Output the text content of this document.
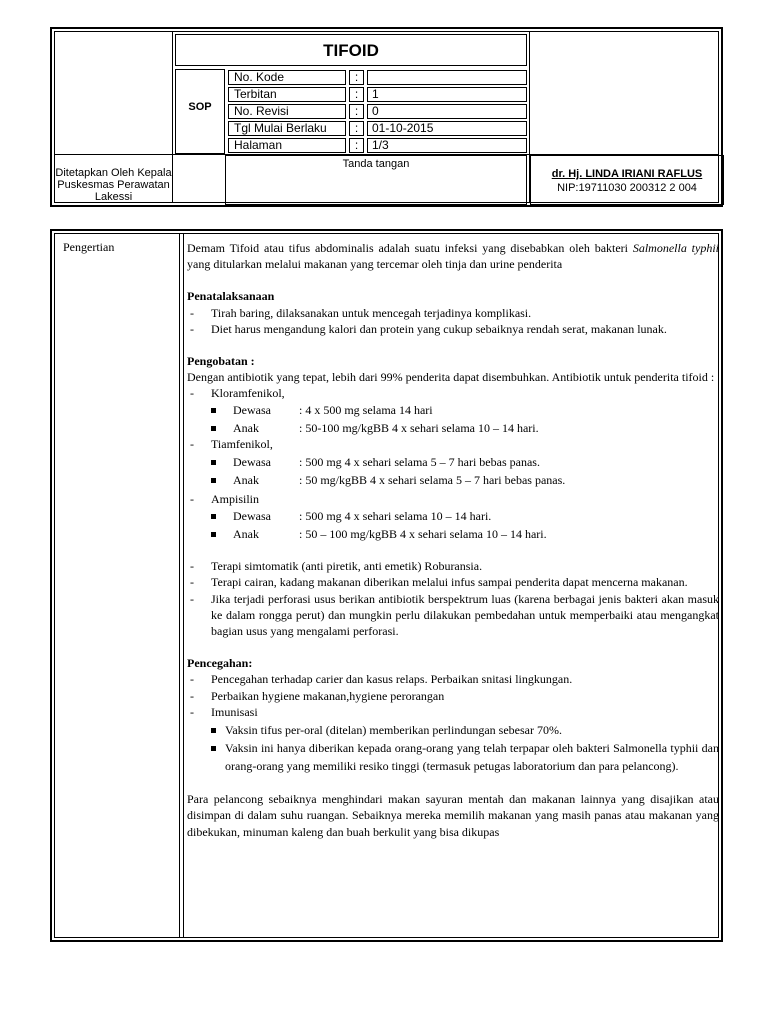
TIFOID
SOP
No. Kode	:
Terbitan	:	1
No. Revisi	:	0
Tgl Mulai Berlaku	:	01-10-2015
Halaman	:	1/3
Ditetapkan Oleh Kepala
Puskesmas Perawatan
Lakessi
Tanda tangan
dr. Hj. LINDA IRIANI RAFLUS
NIP:19711030 200312 2 004
Pengertian	Demam Tifoid atau tifus abdominalis adalah suatu infeksi yang disebabkan oleh bakteri Salmonella typhii yang ditularkan melalui makanan yang tercemar oleh tinja dan urine penderita

Penatalaksanaan

- Tirah baring, dilaksanakan untuk mencegah terjadinya komplikasi.

- Diet harus mengandung kalori dan protein yang cukup sebaiknya rendah serat, makanan lunak.

Pengobatan :

Dengan antibiotik yang tepat, lebih dari 99% penderita dapat disembuhkan. Antibiotik untuk penderita tifoid :

- Kloramfenikol,

Dewasa : 4 x 500 mg selama 14 hari

Anak	: 50-100 mg/kgBB 4 x sehari selama 10 – 14 hari.

- Tiamfenikol,

Dewasa : 500 mg 4 x sehari selama 5 – 7 hari bebas panas.

Anak	: 50 mg/kgBB 4 x sehari selama 5 – 7 hari bebas panas.

- Ampisilin

Dewasa : 500 mg 4 x sehari selama 10 – 14 hari.

Anak	: 50 – 100 mg/kgBB 4 x sehari selama 10 – 14 hari.

- Terapi simtomatik (anti piretik, anti emetik) Roburansia.

- Terapi cairan, kadang makanan diberikan melalui infus sampai penderita dapat mencerna makanan.

- Jika terjadi perforasi usus berikan antibiotik berspektrum luas (karena berbagai jenis bakteri akan masuk ke dalam rongga perut) dan mungkin perlu dilakukan pembedahan untuk memperbaiki atau mengangkat bagian usus yang mengalami perforasi.

Pencegahan:

- Pencegahan terhadap carier dan kasus relaps. Perbaikan snitasi lingkungan.

- Perbaikan hygiene makanan,hygiene perorangan

- Imunisasi

Vaksin tifus per-oral (ditelan) memberikan perlindungan sebesar 70%.

Vaksin ini hanya diberikan kepada orang-orang yang telah terpapar oleh bakteri Salmonella typhii dan orang-orang yang memiliki resiko tinggi (termasuk petugas laboratorium dan para pelancong).

Para pelancong sebaiknya menghindari makan sayuran mentah dan makanan lainnya yang disajikan atau disimpan di dalam suhu ruangan. Sebaiknya mereka memilih makanan yang masih panas atau makanan yang dibekukan, minuman kaleng dan buah berkulit yang bisa dikupas
